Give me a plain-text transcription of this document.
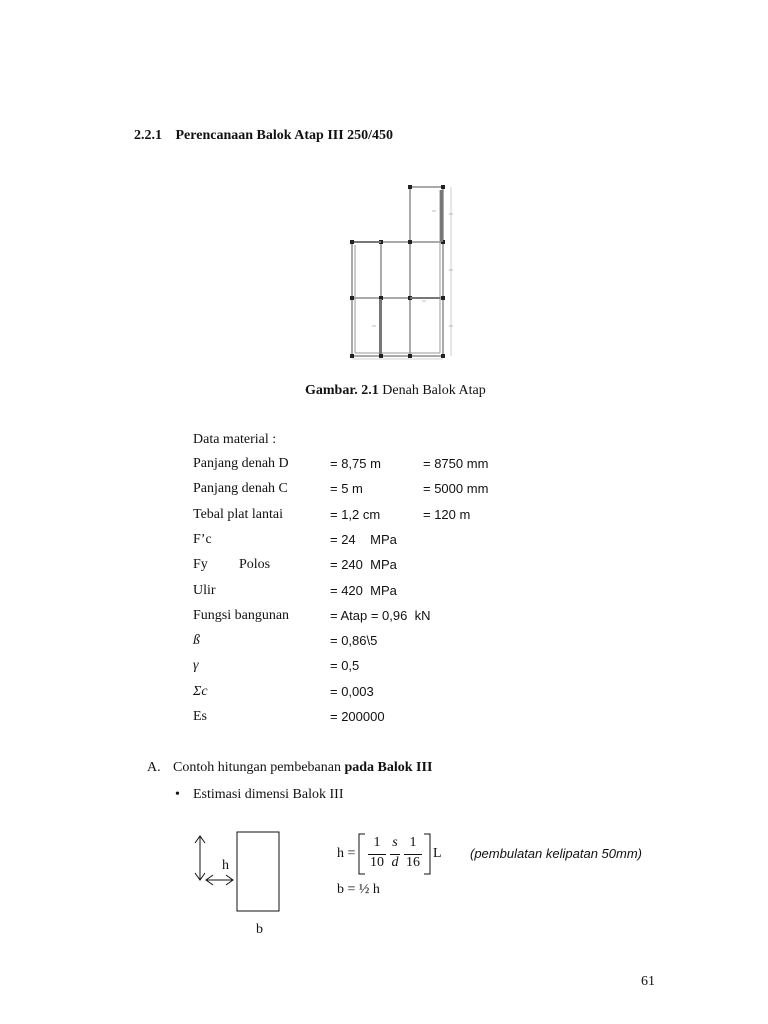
2.2.1 Perencanaan Balok Atap III 250/450
Gambar. 2.1 Denah Balok Atap
Data material :
Panjang denah D	= 8,75 m	= 8750 mm
Panjang denah C	= 5 m	= 5000 mm
Tebal plat lantai	= 1,2 cm	= 120 m
F’c	= 24    MPa
Fy Polos	= 240  MPa
Ulir	= 420  MPa
Fungsi bangunan	= Atap = 0,96  kN
ß	= 0,86\5
γ	= 0,5
Σc	= 0,003
Es	= 200000
A. Contoh hitungan pembebanan pada Balok III
• Estimasi dimensi Balok III
h
b
h =
1
10
s
d
1
16
L (pembulatan kelipatan 50mm)
b = ½ h
61
